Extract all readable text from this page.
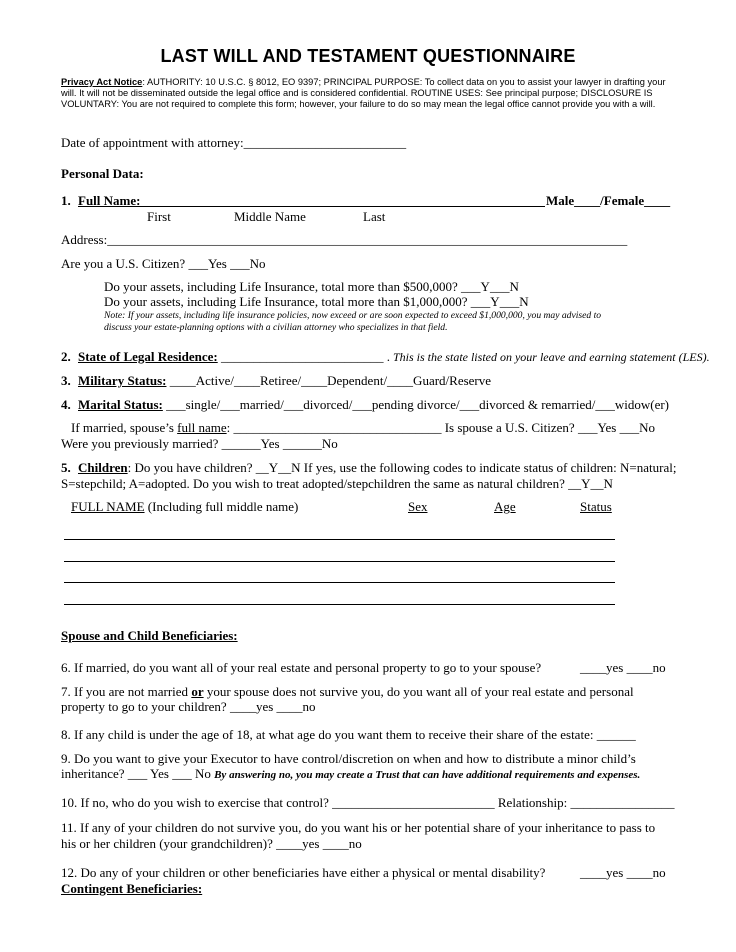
LAST WILL AND TESTAMENT QUESTIONNAIRE
Privacy Act Notice: AUTHORITY: 10 U.S.C. § 8012, EO 9397; PRINCIPAL PURPOSE: To collect data on you to assist your lawyer in drafting your will. It will not be disseminated outside the legal office and is considered confidential. ROUTINE USES: See principal purpose; DISCLOSURE IS VOLUNTARY: You are not required to complete this form; however, your failure to do so may mean the legal office cannot provide you with a will.
Date of appointment with attorney:_________________________
Personal Data:
1. Full Name:	Male____/Female____
First	Middle Name	Last
Address:________________________________________________________________________________
Are you a U.S. Citizen? ___Yes ___No
Do your assets, including Life Insurance, total more than $500,000? ___Y___N
Do your assets, including Life Insurance, total more than $1,000,000? ___Y___N
Note: If your assets, including life insurance policies, now exceed or are soon expected to exceed $1,000,000, you may advised to
discuss your estate-planning options with a civilian attorney who specializes in that field.
2. State of Legal Residence: _________________________ . This is the state listed on your leave and earning statement (LES).
3. Military Status: ____Active/____Retiree/____Dependent/____Guard/Reserve
4. Marital Status: ___single/___married/___divorced/___pending divorce/___divorced & remarried/___widow(er)
If married, spouse’s full name: ________________________________ Is spouse a U.S. Citizen? ___Yes ___No
Were you previously married? ______Yes ______No
5. Children: Do you have children? __Y__N If yes, use the following codes to indicate status of children: N=natural;
S=stepchild; A=adopted. Do you wish to treat adopted/stepchildren the same as natural children? __Y__N
FULL NAME (Including full middle name)	Sex	Age	Status
Spouse and Child Beneficiaries:
6. If married, do you want all of your real estate and personal property to go to your spouse?	____yes ____no
7. If you are not married or your spouse does not survive you, do you want all of your real estate and personal
property to go to your children? ____yes ____no
8. If any child is under the age of 18, at what age do you want them to receive their share of the estate: ______
9. Do you want to give your Executor to have control/discretion on when and how to distribute a minor child’s
inheritance? ___ Yes ___ No By answering no, you may create a Trust that can have additional requirements and expenses.
10. If no, who do you wish to exercise that control? _________________________ Relationship: ________________
11. If any of your children do not survive you, do you want his or her potential share of your inheritance to pass to
his or her children (your grandchildren)? ____yes ____no
12. Do any of your children or other beneficiaries have either a physical or mental disability?	____yes ____no
Contingent Beneficiaries:
